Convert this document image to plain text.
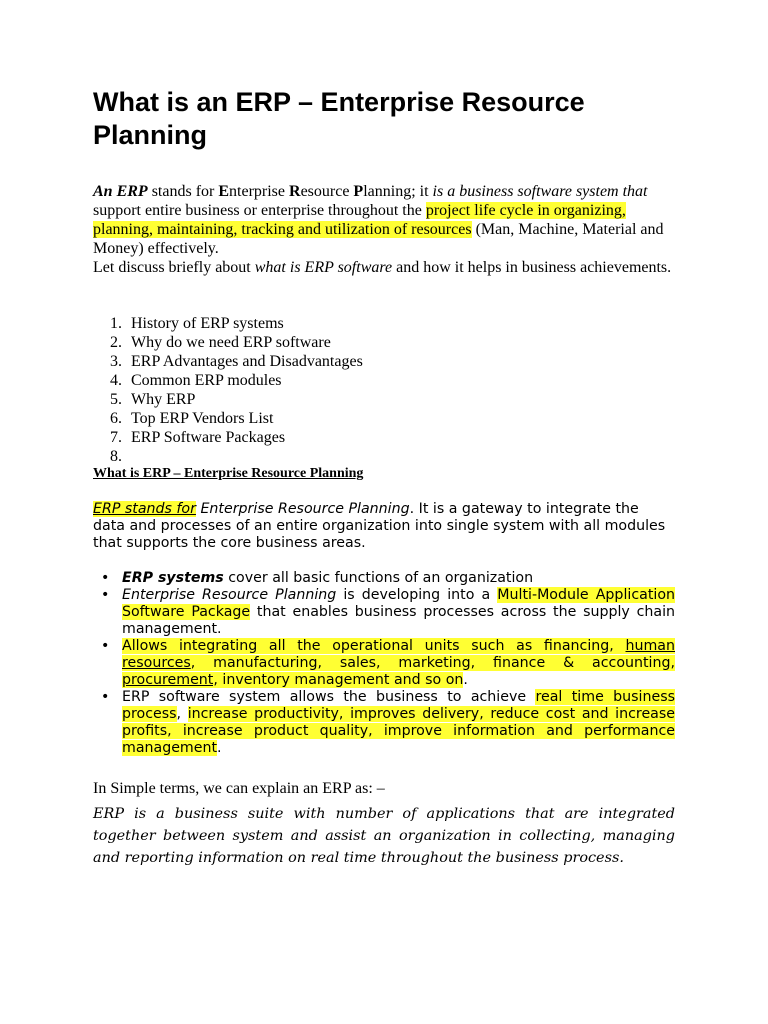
What is an ERP – Enterprise Resource Planning
An ERP stands for Enterprise Resource Planning; it is a business software system that support entire business or enterprise throughout the project life cycle in organizing, planning, maintaining, tracking and utilization of resources (Man, Machine, Material and Money) effectively.
Let discuss briefly about what is ERP software and how it helps in business achievements.
1. History of ERP systems
2. Why do we need ERP software
3. ERP Advantages and Disadvantages
4. Common ERP modules
5. Why ERP
6. Top ERP Vendors List
7. ERP Software Packages
8.
What is ERP – Enterprise Resource Planning
ERP stands for Enterprise Resource Planning. It is a gateway to integrate the data and processes of an entire organization into single system with all modules that supports the core business areas.
• ERP systems cover all basic functions of an organization
• Enterprise Resource Planning is developing into a Multi-Module Application Software Package that enables business processes across the supply chain management.
• Allows integrating all the operational units such as financing, human resources, manufacturing, sales, marketing, finance & accounting, procurement, inventory management and so on.
• ERP software system allows the business to achieve real time business process, increase productivity, improves delivery, reduce cost and increase profits, increase product quality, improve information and performance management.
In Simple terms, we can explain an ERP as: –
ERP is a business suite with number of applications that are integrated together between system and assist an organization in collecting, managing and reporting information on real time throughout the business process.
